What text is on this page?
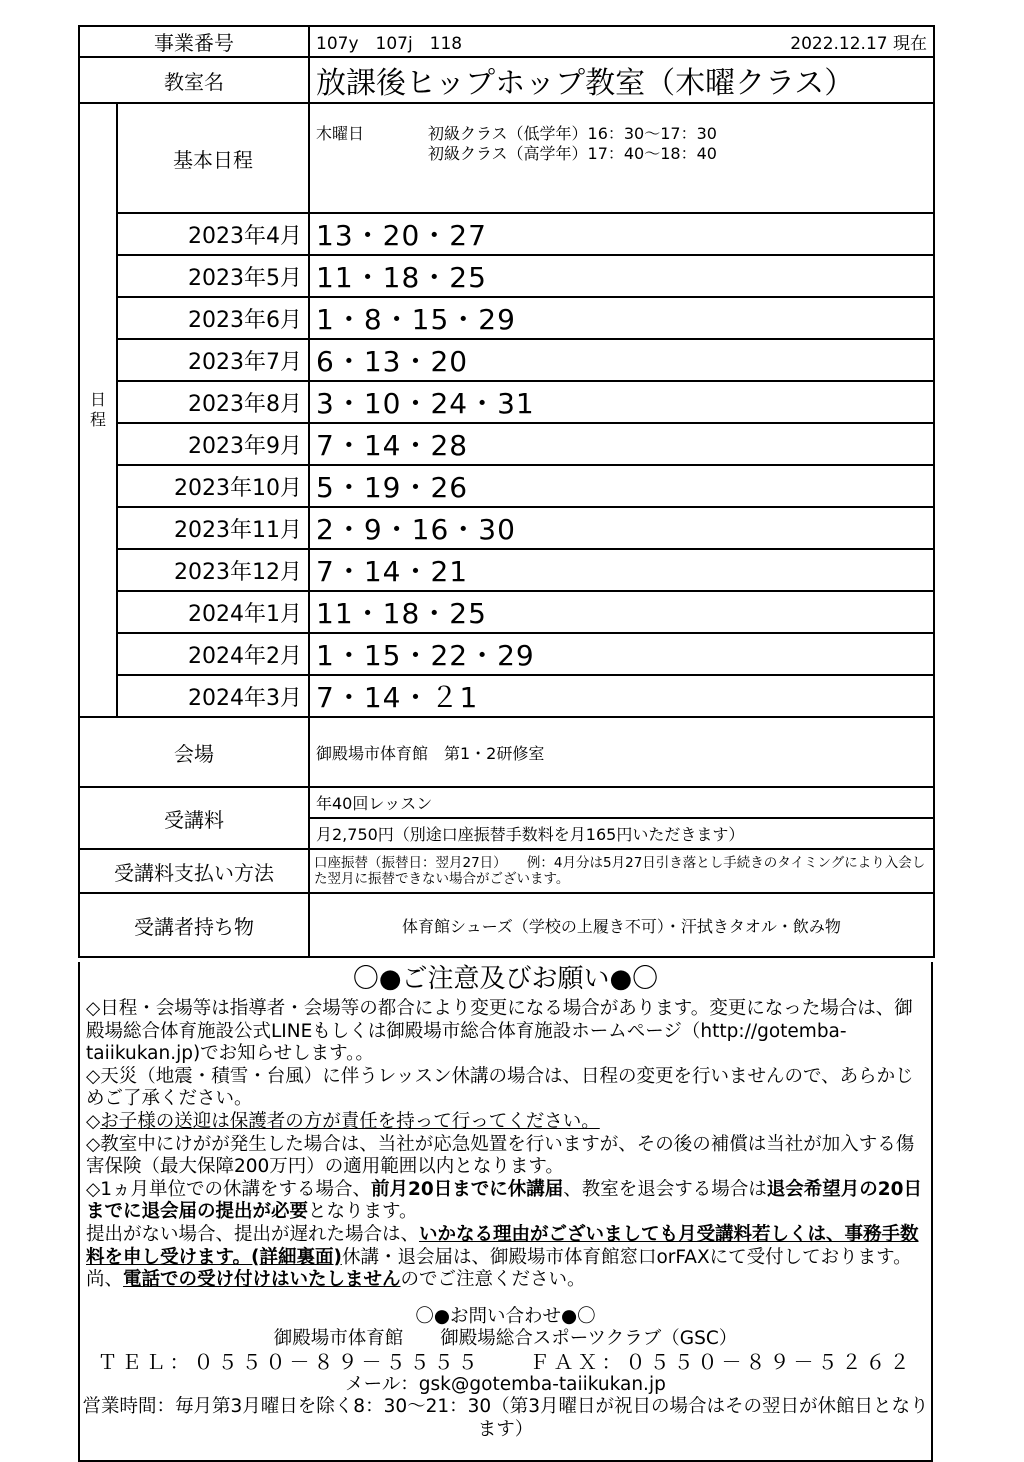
事業番号		107y　107j　118 2022.12.17 現在

教室名		放課後ヒップホップ教室（木曜クラス）
日程	基本日程	木曜日 初級クラス（低学年）16：30～17：30
初級クラス（高学年）17：40～18：40

	2023年4月	13・20・27
	2023年5月	11・18・25
	2023年6月	1・8・15・29
	2023年7月	6・13・20
	2023年8月	3・10・24・31
	2023年9月	7・14・28
	2023年10月	5・19・26
	2023年11月	2・9・16・30
	2023年12月	7・14・21
	2024年1月	11・18・25
	2024年2月	1・15・22・29
	2024年3月	7・14・２1
会場		御殿場市体育館　第1・2研修室
受講料		年40回レッスン
		月2,750円（別途口座振替手数料を月165円いただきます）
受講料支払い方法		口座振替（振替日：翌月27日）　　例：4月分は5月27日引き落とし手続きのタイミングにより入会した翌月に振替できない場合がございます。
受講者持ち物		体育館シューズ（学校の上履き不可）・汗拭きタオル・飲み物
〇●ご注意及びお願い●〇
◇日程・会場等は指導者・会場等の都合により変更になる場合があります。変更になった場合は、御殿場総合体育施設公式LINEもしくは御殿場市総合体育施設ホームページ（http://gotemba-taiikukan.jp)でお知らせします。。
◇天災（地震・積雪・台風）に伴うレッスン休講の場合は、日程の変更を行いませんので、あらかじめご了承ください。
◇お子様の送迎は保護者の方が責任を持って行ってください。
◇教室中にけがが発生した場合は、当社が応急処置を行いますが、その後の補償は当社が加入する傷害保険（最大保障200万円）の適用範囲以内となります。
◇1ヵ月単位での休講をする場合、前月20日までに休講届、教室を退会する場合は退会希望月の20日までに退会届の提出が必要となります。
提出がない場合、提出が遅れた場合は、いかなる理由がございましても月受講料若しくは、事務手数料を申し受けます。(詳細裏面)休講・退会届は、御殿場市体育館窓口orFAXにて受付しております。尚、電話での受け付けはいたしませんのでご注意ください。
〇●お問い合わせ●〇
御殿場市体育館　　御殿場総合スポーツクラブ（GSC）
ＴＥＬ：０５５０－８９－５５５５　　ＦＡＸ：０５５０－８９－５２６２
メール：gsk@gotemba-taiikukan.jp
営業時間：毎月第3月曜日を除く8：30～21：30（第3月曜日が祝日の場合はその翌日が休館日となります）
